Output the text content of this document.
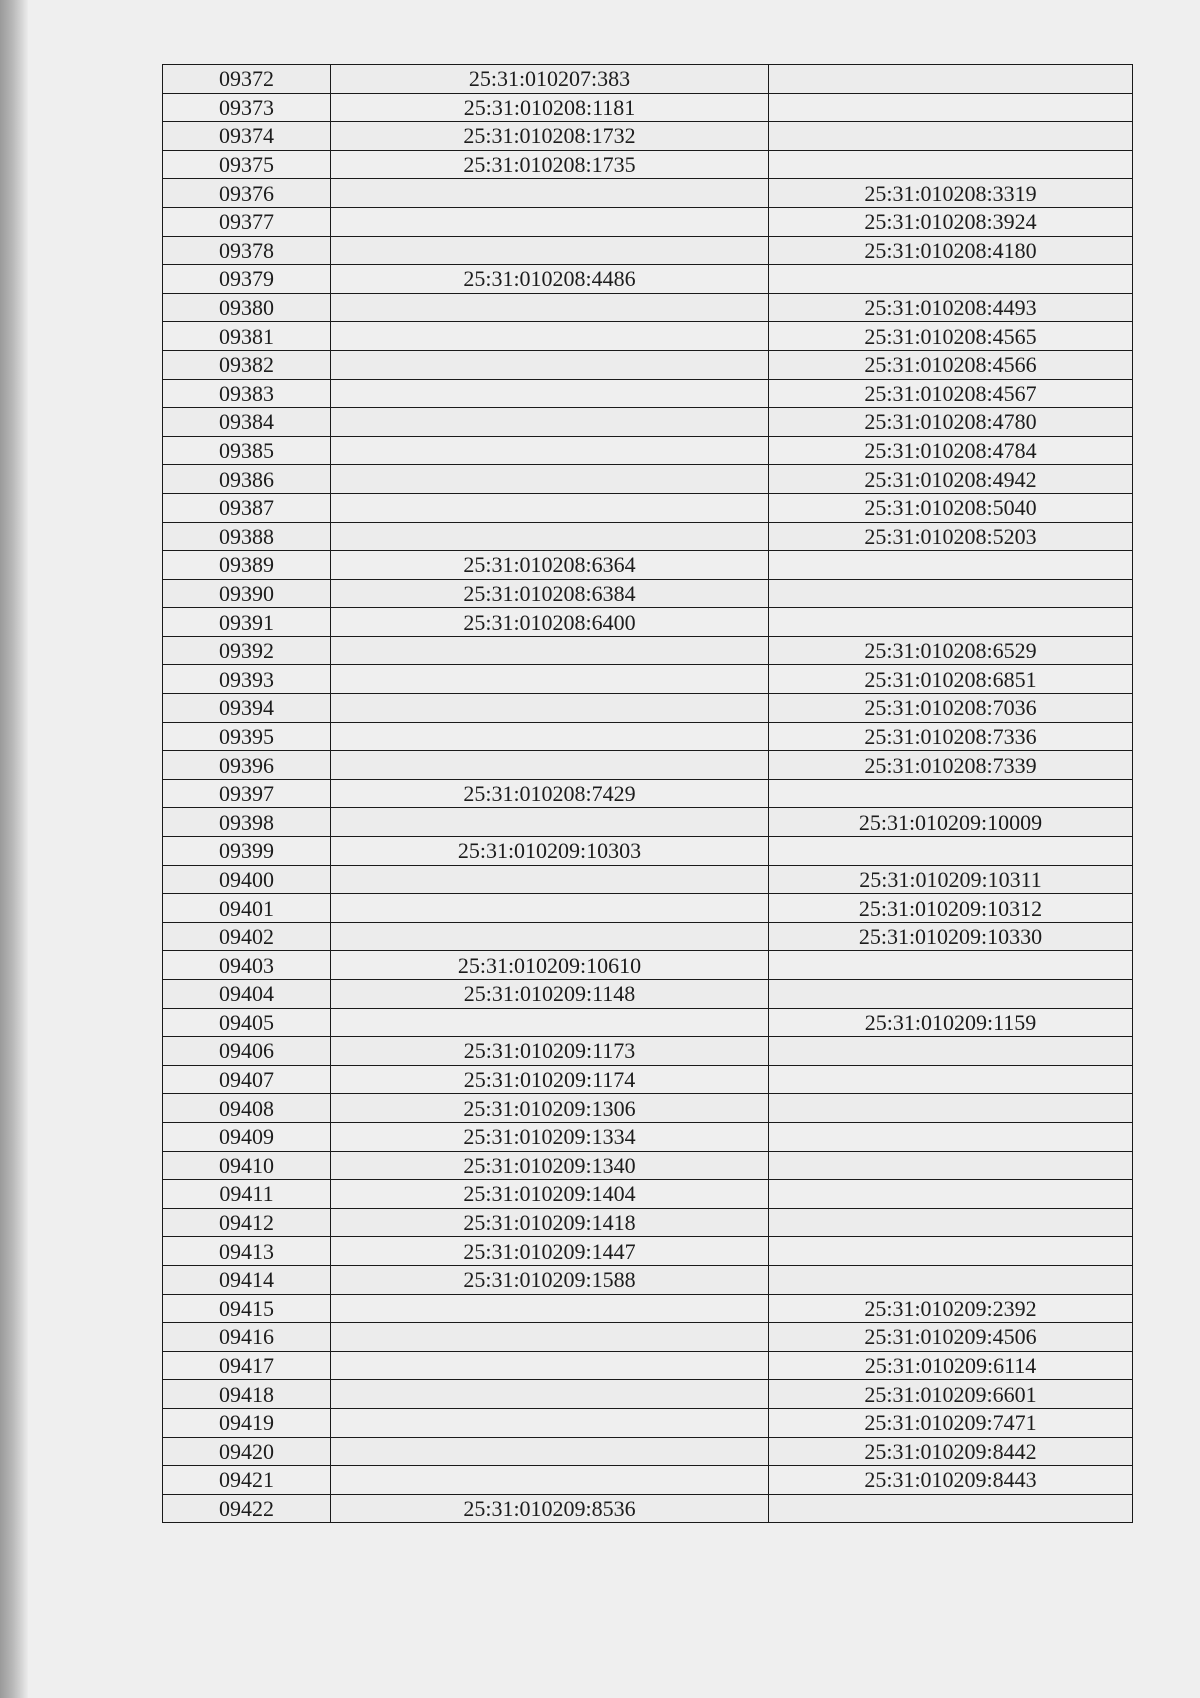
09372	25:31:010207:383	
09373	25:31:010208:1181	
09374	25:31:010208:1732	
09375	25:31:010208:1735	
09376		25:31:010208:3319
09377		25:31:010208:3924
09378		25:31:010208:4180
09379	25:31:010208:4486	
09380		25:31:010208:4493
09381		25:31:010208:4565
09382		25:31:010208:4566
09383		25:31:010208:4567
09384		25:31:010208:4780
09385		25:31:010208:4784
09386		25:31:010208:4942
09387		25:31:010208:5040
09388		25:31:010208:5203
09389	25:31:010208:6364	
09390	25:31:010208:6384	
09391	25:31:010208:6400	
09392		25:31:010208:6529
09393		25:31:010208:6851
09394		25:31:010208:7036
09395		25:31:010208:7336
09396		25:31:010208:7339
09397	25:31:010208:7429	
09398		25:31:010209:10009
09399	25:31:010209:10303	
09400		25:31:010209:10311
09401		25:31:010209:10312
09402		25:31:010209:10330
09403	25:31:010209:10610	
09404	25:31:010209:1148	
09405		25:31:010209:1159
09406	25:31:010209:1173	
09407	25:31:010209:1174	
09408	25:31:010209:1306	
09409	25:31:010209:1334	
09410	25:31:010209:1340	
09411	25:31:010209:1404	
09412	25:31:010209:1418	
09413	25:31:010209:1447	
09414	25:31:010209:1588	
09415		25:31:010209:2392
09416		25:31:010209:4506
09417		25:31:010209:6114
09418		25:31:010209:6601
09419		25:31:010209:7471
09420		25:31:010209:8442
09421		25:31:010209:8443
09422	25:31:010209:8536	
